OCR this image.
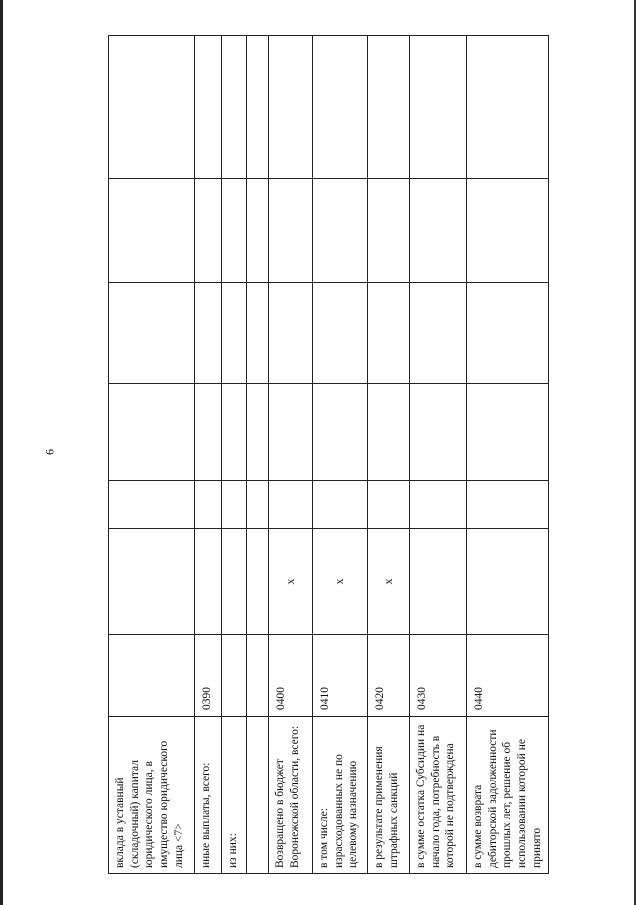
6
вклада в уставный (складочный) капитал юридического лица, в имущество юридического лица <7>							
иные выплаты, всего:	0390						
из них:							

Возвращено в бюджет Воронежской области, всего:	0400	x					
в том числе: израсходованных не по целевому назначению	0410	x					
в результате применения штрафных санкций	0420	x					
в сумме остатка Субсидии на начало года, потребность в которой не подтверждена	0430						
в сумме возврата дебиторской задолженности прошлых лет, решение об использовании которой не принято	0440						
